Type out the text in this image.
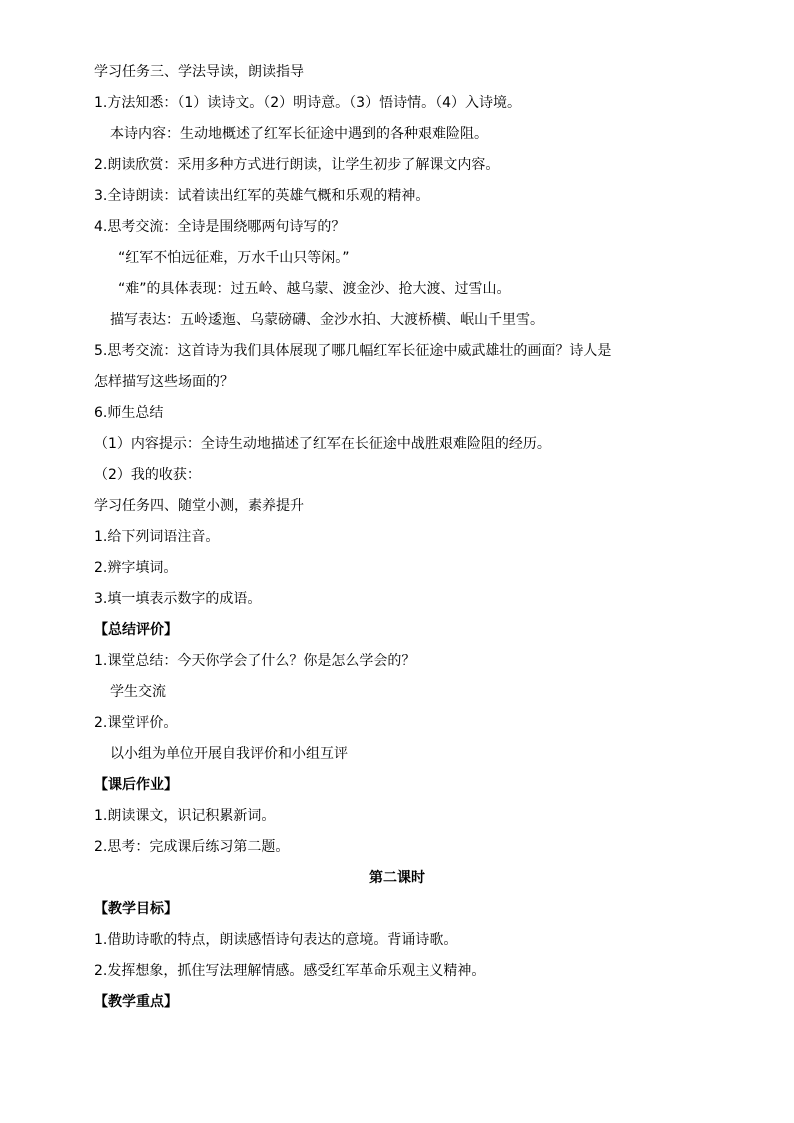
学习任务三、学法导读，朗读指导
1.方法知悉：（1）读诗文。（2）明诗意。（3）悟诗情。（4）入诗境。
本诗内容：生动地概述了红军长征途中遇到的各种艰难险阻。
2.朗读欣赏：采用多种方式进行朗读，让学生初步了解课文内容。
3.全诗朗读：试着读出红军的英雄气概和乐观的精神。
4.思考交流：全诗是围绕哪两句诗写的？
“红军不怕远征难，万水千山只等闲。”
“难”的具体表现：过五岭、越乌蒙、渡金沙、抢大渡、过雪山。
描写表达：五岭逶迤、乌蒙磅礴、金沙水拍、大渡桥横、岷山千里雪。
5.思考交流：这首诗为我们具体展现了哪几幅红军长征途中威武雄壮的画面？诗人是
怎样描写这些场面的？
6.师生总结
（1）内容提示：全诗生动地描述了红军在长征途中战胜艰难险阻的经历。
（2）我的收获：
学习任务四、随堂小测，素养提升
1.给下列词语注音。
2.辨字填词。
3.填一填表示数字的成语。
【总结评价】
1.课堂总结：今天你学会了什么？你是怎么学会的？
学生交流
2.课堂评价。
以小组为单位开展自我评价和小组互评
【课后作业】
1.朗读课文，识记积累新词。
2.思考：完成课后练习第二题。
第二课时
【教学目标】
1.借助诗歌的特点，朗读感悟诗句表达的意境。背诵诗歌。
2.发挥想象，抓住写法理解情感。感受红军革命乐观主义精神。
【教学重点】
